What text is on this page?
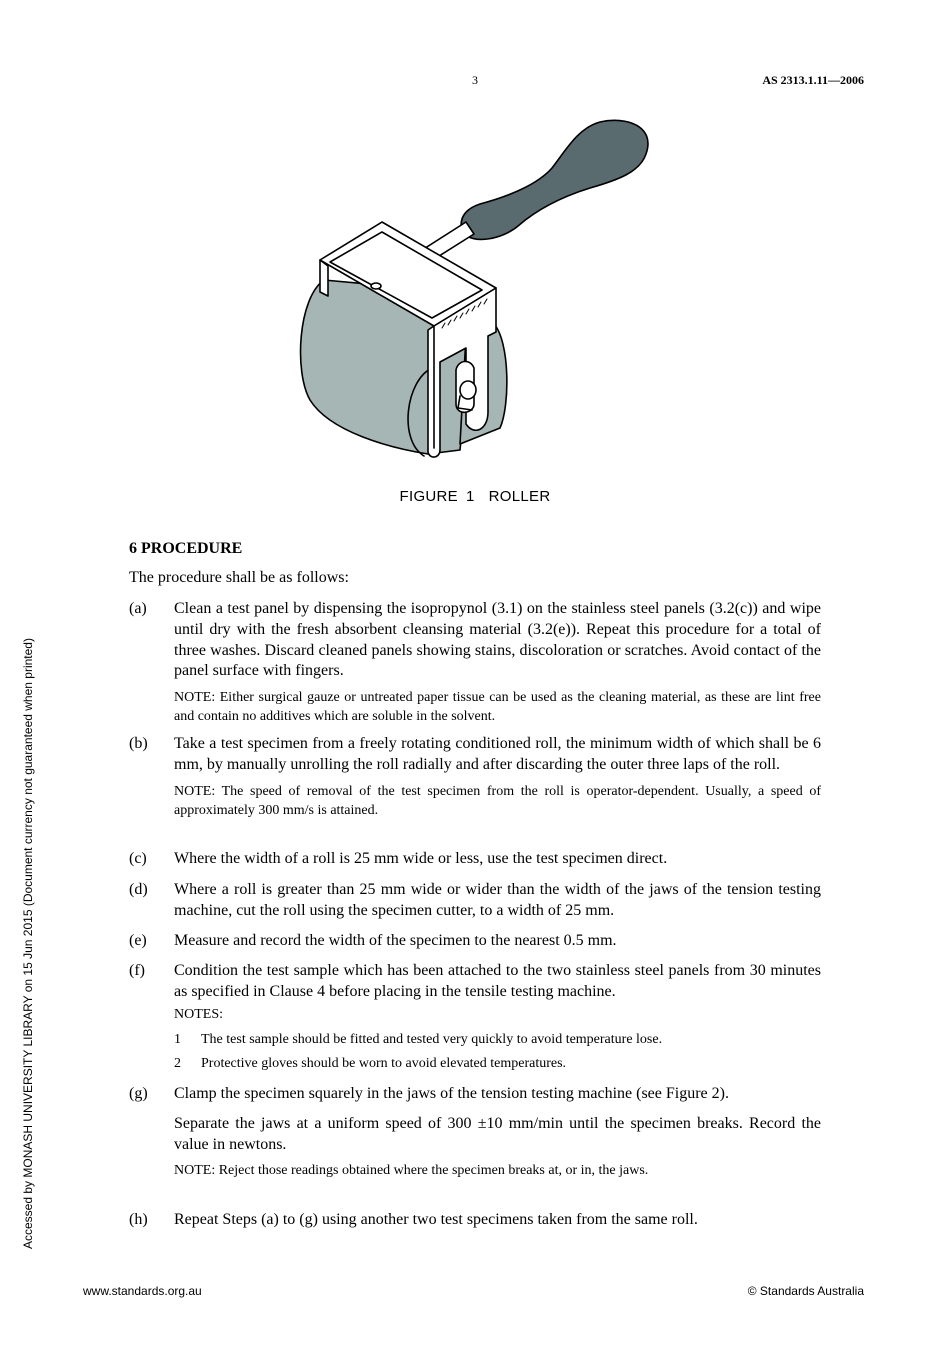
3	AS 2313.1.11—2006
FIGURE 1 ROLLER
Accessed by MONASH UNIVERSITY LIBRARY on 15 Jun 2015 (Document currency not guaranteed when printed)

6 PROCEDURE

The procedure shall be as follows:

(a) Clean a test panel by dispensing the isopropynol (3.1) on the stainless steel panels (3.2(c)) and wipe until dry with the fresh absorbent cleansing material (3.2(e)). Repeat this procedure for a total of three washes. Discard cleaned panels showing stains, discoloration or scratches. Avoid contact of the panel surface with fingers.

NOTE: Either surgical gauze or untreated paper tissue can be used as the cleaning material, as these are lint free and contain no additives which are soluble in the solvent.

(b) Take a test specimen from a freely rotating conditioned roll, the minimum width of which shall be 6 mm, by manually unrolling the roll radially and after discarding the outer three laps of the roll.

NOTE: The speed of removal of the test specimen from the roll is operator-dependent. Usually, a speed of approximately 300 mm/s is attained.

(c) Where the width of a roll is 25 mm wide or less, use the test specimen direct.

(d) Where a roll is greater than 25 mm wide or wider than the width of the jaws of the tension testing machine, cut the roll using the specimen cutter, to a width of 25 mm.

(e) Measure and record the width of the specimen to the nearest 0.5 mm.

(f) Condition the test sample which has been attached to the two stainless steel panels from 30 minutes as specified in Clause 4 before placing in the tensile testing machine.

NOTES:

1 The test sample should be fitted and tested very quickly to avoid temperature lose.
2 Protective gloves should be worn to avoid elevated temperatures.
(g) Clamp the specimen squarely in the jaws of the tension testing machine (see Figure 2).

Separate the jaws at a uniform speed of 300 ±10 mm/min until the specimen breaks. Record the value in newtons.

NOTE: Reject those readings obtained where the specimen breaks at, or in, the jaws.

(h) Repeat Steps (a) to (g) using another two test specimens taken from the same roll.

www.standards.org.au	© Standards Australia
